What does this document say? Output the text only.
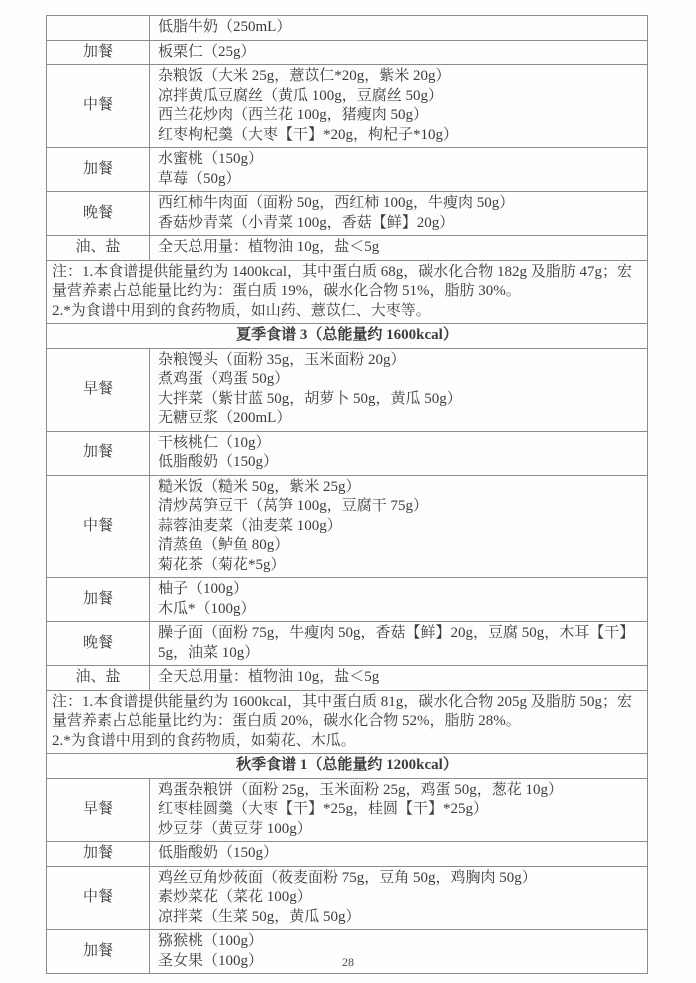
	低脂牛奶（250mL）

加餐	板栗仁（25g）

中餐	杂粮饭（大米 25g，薏苡仁*20g，紫米 20g）
凉拌黄瓜豆腐丝（黄瓜 100g，豆腐丝 50g）
西兰花炒肉（西兰花 100g，猪瘦肉 50g）
红枣枸杞羹（大枣【干】*20g，枸杞子*10g）

加餐	水蜜桃（150g）
草莓（50g）

晚餐	西红柿牛肉面（面粉 50g，西红柿 100g，牛瘦肉 50g）
香菇炒青菜（小青菜 100g，香菇【鲜】20g）

油、盐	全天总用量：植物油 10g，盐＜5g

注：1.本食谱提供能量约为 1400kcal，其中蛋白质 68g，碳水化合物 182g 及脂肪 47g；宏量营养素占总能量比约为：蛋白质 19%，碳水化合物 51%，脂肪 30%。
2.*为食谱中用到的食药物质，如山药、薏苡仁、大枣等。	

夏季食谱 3（总能量约 1600kcal）	
早餐	杂粮馒头（面粉 35g，玉米面粉 20g）
煮鸡蛋（鸡蛋 50g）
大拌菜（紫甘蓝 50g，胡萝卜 50g，黄瓜 50g）
无糖豆浆（200mL）

加餐	干核桃仁（10g）
低脂酸奶（150g）

中餐	糙米饭（糙米 50g，紫米 25g）
清炒莴笋豆干（莴笋 100g，豆腐干 75g）
蒜蓉油麦菜（油麦菜 100g）
清蒸鱼（鲈鱼 80g）
菊花茶（菊花*5g）

加餐	柚子（100g）
木瓜*（100g）

晚餐	臊子面（面粉 75g，牛瘦肉 50g，香菇【鲜】20g，豆腐 50g，木耳【干】5g，油菜 10g）

油、盐	全天总用量：植物油 10g，盐＜5g

注：1.本食谱提供能量约为 1600kcal，其中蛋白质 81g，碳水化合物 205g 及脂肪 50g；宏量营养素占总能量比约为：蛋白质 20%，碳水化合物 52%，脂肪 28%。
2.*为食谱中用到的食药物质，如菊花、木瓜。	

秋季食谱 1（总能量约 1200kcal）	
早餐	鸡蛋杂粮饼（面粉 25g，玉米面粉 25g，鸡蛋 50g，葱花 10g）
红枣桂圆羹（大枣【干】*25g，桂圆【干】*25g）
炒豆芽（黄豆芽 100g）

加餐	低脂酸奶（150g）

中餐	鸡丝豆角炒莜面（莜麦面粉 75g，豆角 50g，鸡胸肉 50g）
素炒菜花（菜花 100g）
凉拌菜（生菜 50g，黄瓜 50g）

加餐	猕猴桃（100g）
圣女果（100g）	28
